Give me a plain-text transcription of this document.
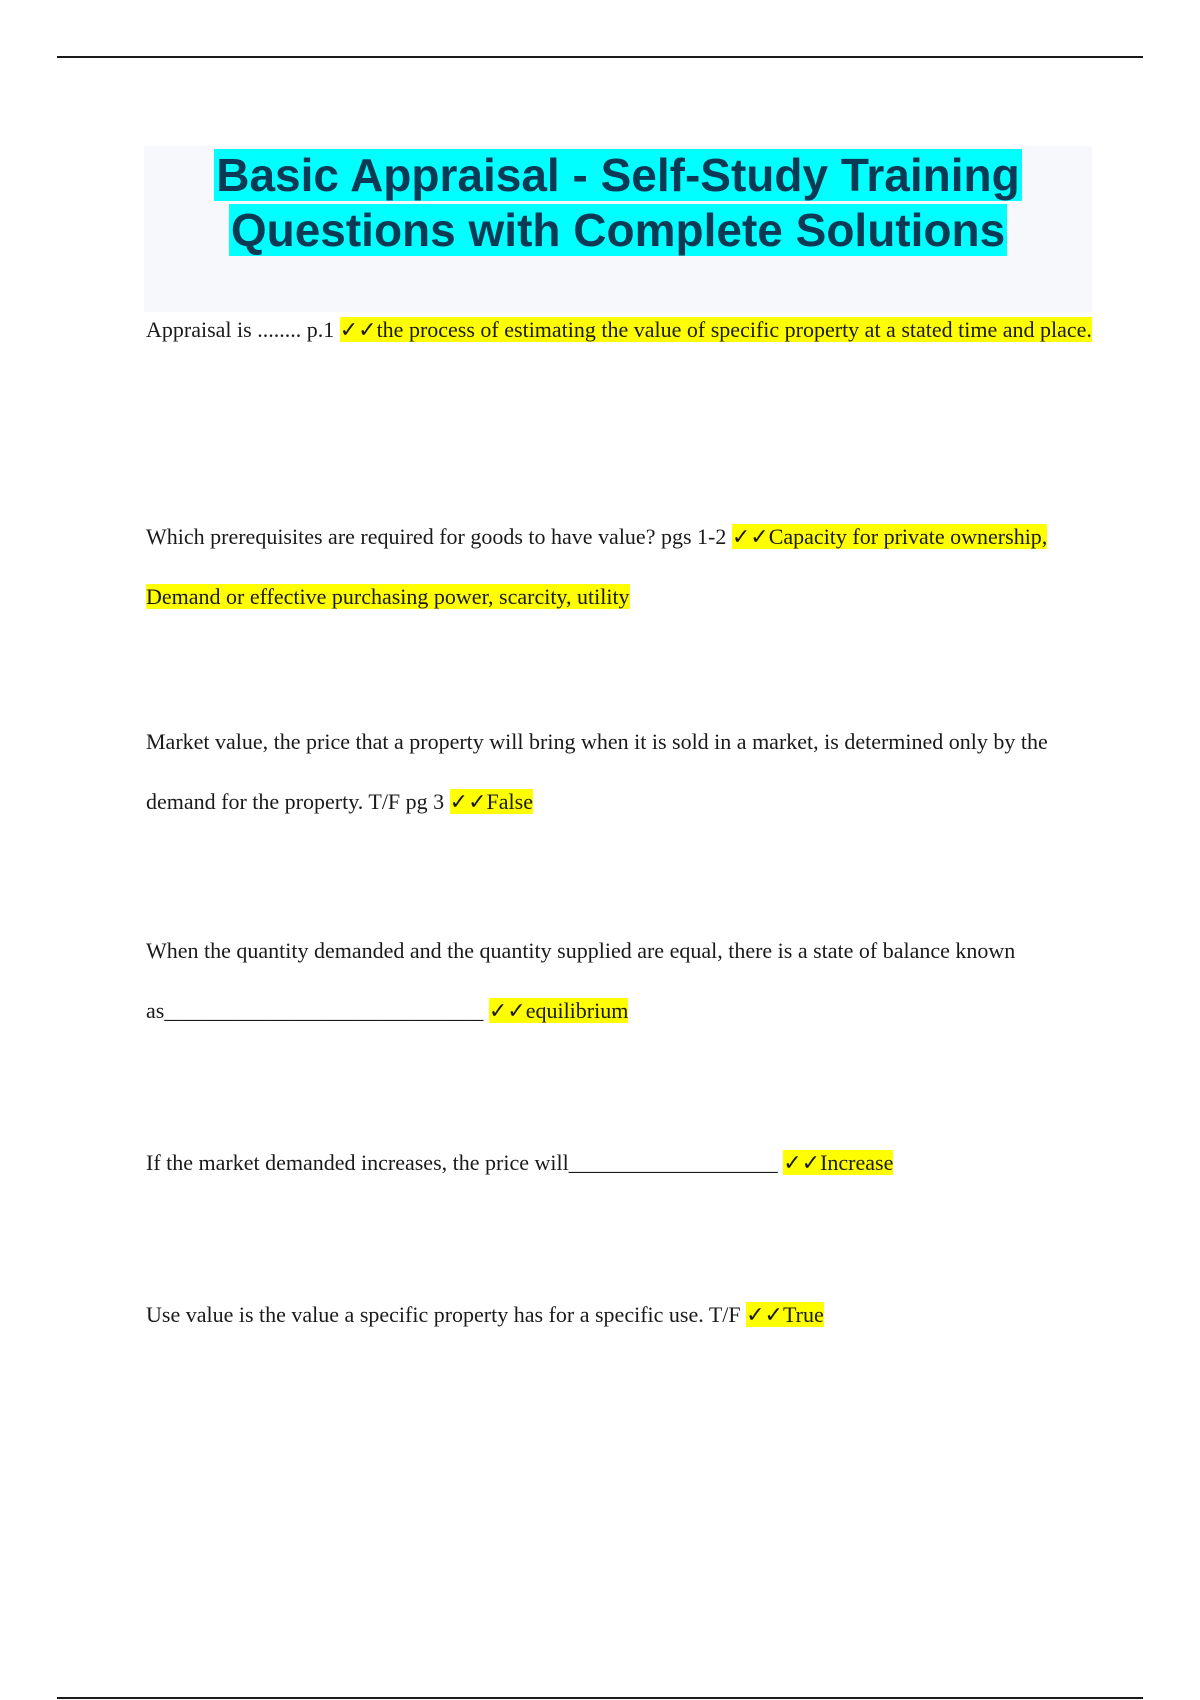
Basic Appraisal - Self-Study Training
Questions with Complete Solutions

Appraisal is ........ p.1 ✓✓the process of estimating the value of specific property at a stated time and place.

Which prerequisites are required for goods to have value? pgs 1-2 ✓✓Capacity for private ownership, Demand or effective purchasing power, scarcity, utility

Market value, the price that a property will bring when it is sold in a market, is determined only by the demand for the property. T/F pg 3 ✓✓False

When the quantity demanded and the quantity supplied are equal, there is a state of balance known as_____________________________ ✓✓equilibrium

If the market demanded increases, the price will___________________ ✓✓Increase

Use value is the value a specific property has for a specific use. T/F ✓✓True
